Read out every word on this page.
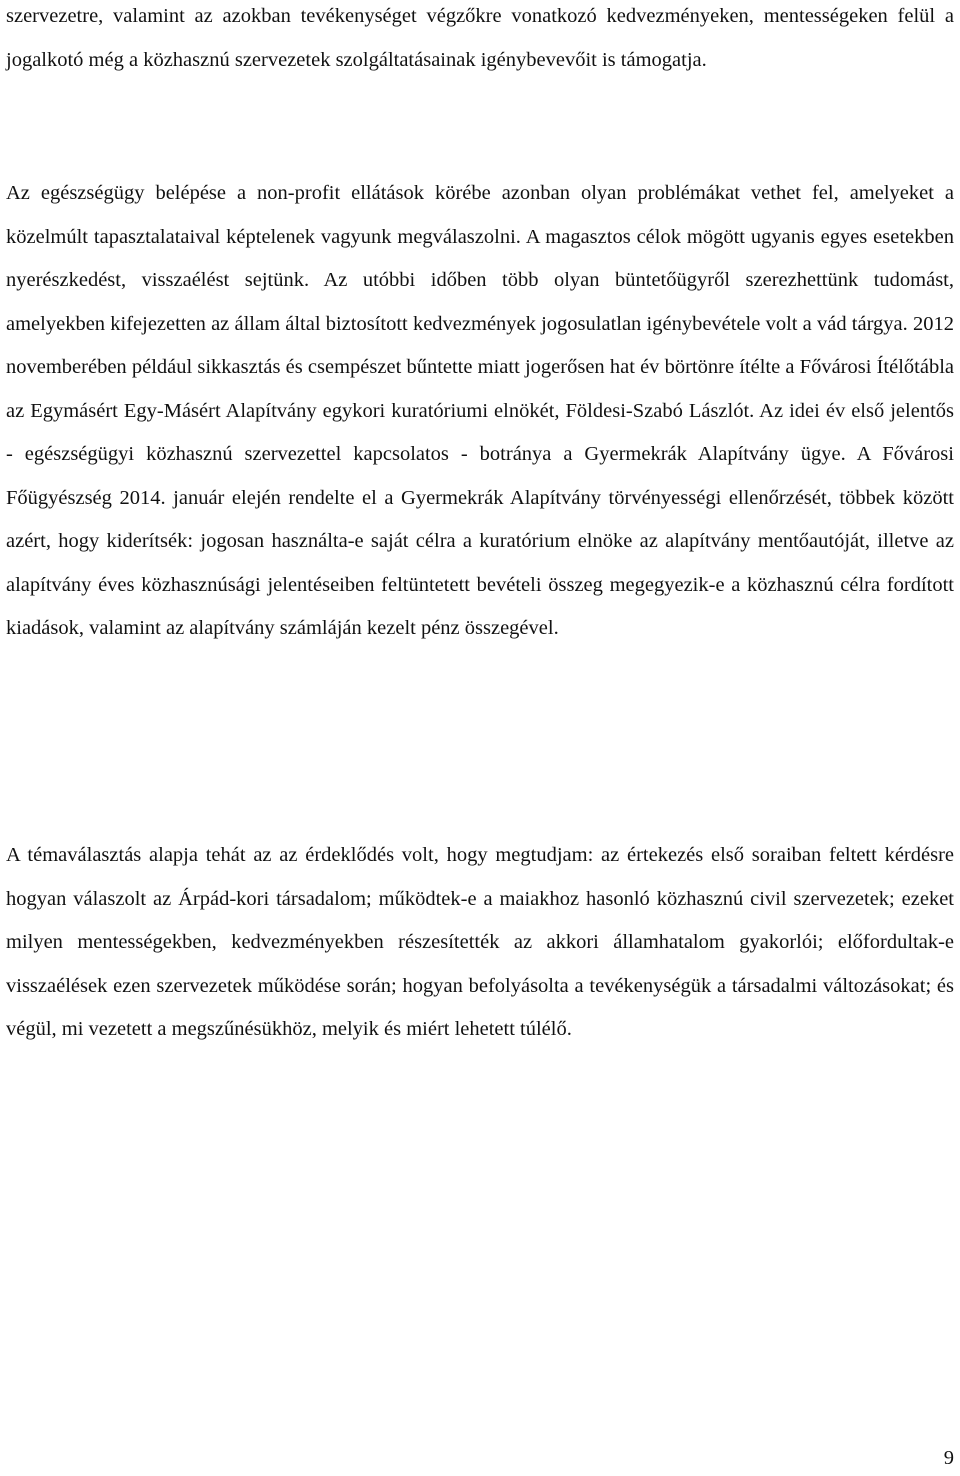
szervezetre, valamint az azokban tevékenységet végzőkre vonatkozó kedvezményeken, mentességeken felül a jogalkotó még a közhasznú szervezetek szolgáltatásainak igénybevevőit is támogatja.

Az egészségügy belépése a non-profit ellátások körébe azonban olyan problémákat vethet fel, amelyeket a közelmúlt tapasztalataival képtelenek vagyunk megválaszolni. A magasztos célok mögött ugyanis egyes esetekben nyerészkedést, visszaélést sejtünk. Az utóbbi időben több olyan büntetőügyről szerezhettünk tudomást, amelyekben kifejezetten az állam által biztosított kedvezmények jogosulatlan igénybevétele volt a vád tárgya. 2012 novemberében például sikkasztás és csempészet bűntette miatt jogerősen hat év börtönre ítélte a Fővárosi Ítélőtábla az Egymásért Egy-Másért Alapítvány egykori kuratóriumi elnökét, Földesi-Szabó Lászlót. Az idei év első jelentős - egészségügyi közhasznú szervezettel kapcsolatos - botránya a Gyermekrák Alapítvány ügye. A Fővárosi Főügyészség 2014. január elején rendelte el a Gyermekrák Alapítvány törvényességi ellenőrzését, többek között azért, hogy kiderítsék: jogosan használta-e saját célra a kuratórium elnöke az alapítvány mentőautóját, illetve az alapítvány éves közhasznúsági jelentéseiben feltüntetett bevételi összeg megegyezik-e a közhasznú célra fordított kiadások, valamint az alapítvány számláján kezelt pénz összegével.

A témaválasztás alapja tehát az az érdeklődés volt, hogy megtudjam: az értekezés első soraiban feltett kérdésre hogyan válaszolt az Árpád-kori társadalom; működtek-e a maiakhoz hasonló közhasznú civil szervezetek; ezeket milyen mentességekben, kedvezményekben részesítették az akkori államhatalom gyakorlói; előfordultak-e visszaélések ezen szervezetek működése során; hogyan befolyásolta a tevékenységük a társadalmi változásokat; és végül, mi vezetett a megszűnésükhöz, melyik és miért lehetett túlélő.

9
